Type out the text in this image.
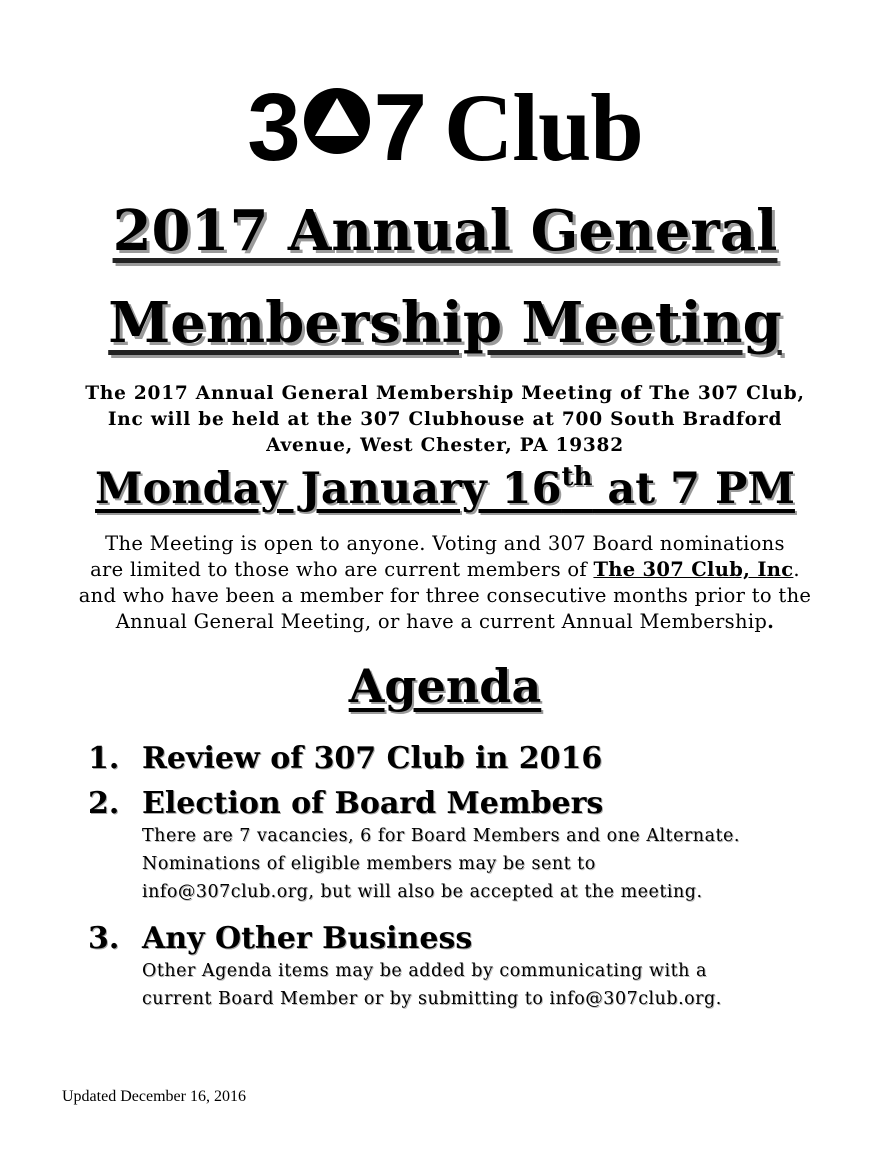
3 7 Club
2017 Annual General
Membership Meeting
The 2017 Annual General Membership Meeting of The 307 Club,
Inc will be held at the 307 Clubhouse at 700 South Bradford
Avenue, West Chester, PA 19382
Monday January 16th at 7 PM
The Meeting is open to anyone. Voting and 307 Board nominations
are limited to those who are current members of The 307 Club, Inc.
and who have been a member for three consecutive months prior to the
Annual General Meeting, or have a current Annual Membership.
Agenda
1. Review of 307 Club in 2016
2. Election of Board Members
There are 7 vacancies, 6 for Board Members and one Alternate.
Nominations of eligible members may be sent to
info@307club.org, but will also be accepted at the meeting.
3. Any Other Business
Other Agenda items may be added by communicating with a
current Board Member or by submitting to info@307club.org.
Updated December 16, 2016
